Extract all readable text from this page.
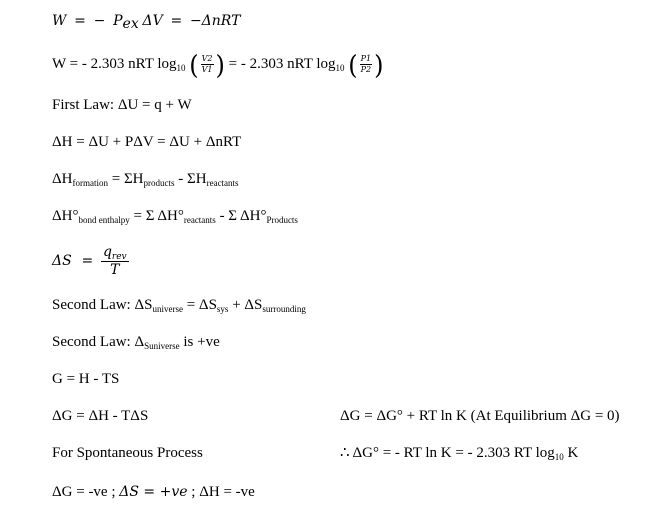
W = − $P_{ex}$ ΔV = −ΔnRT
W = - 2.303 nRT $\log_{10}$ ( $\frac{V2}{V1}$ ) = - 2.303 nRT $\log_{10}$ ( $\frac{P1}{P2}$ )
First Law: ΔU = q + W
ΔH = ΔU + PΔV = ΔU + ΔnRT
$\Delta H_{formation} = \Sigma H_{products} - \Sigma H_{reactants}$
$\Delta H^\circ_{bond enthalpy} = \Sigma$ $\Delta H^\circ_{reactants}$ - Σ $\Delta H^\circ_{Products}$
$\Delta S = \frac{q_{rev}}{T}$
Second Law: $\Delta S_{universe} = \Delta S_{sys} + \Delta S_{surrounding}$
Second Law: $\Delta_{Suniverse}$ is +ve
G = H - TS
ΔG = ΔH - TΔS	ΔG = ΔG° + RT ln K (At Equilibrium ΔG = 0)
For Spontaneous Process	∴ ΔG° = - RT ln K = - 2.303 RT $\log_{10} K$
ΔG = -ve ; ΔS = +ve ; ΔH = -ve
